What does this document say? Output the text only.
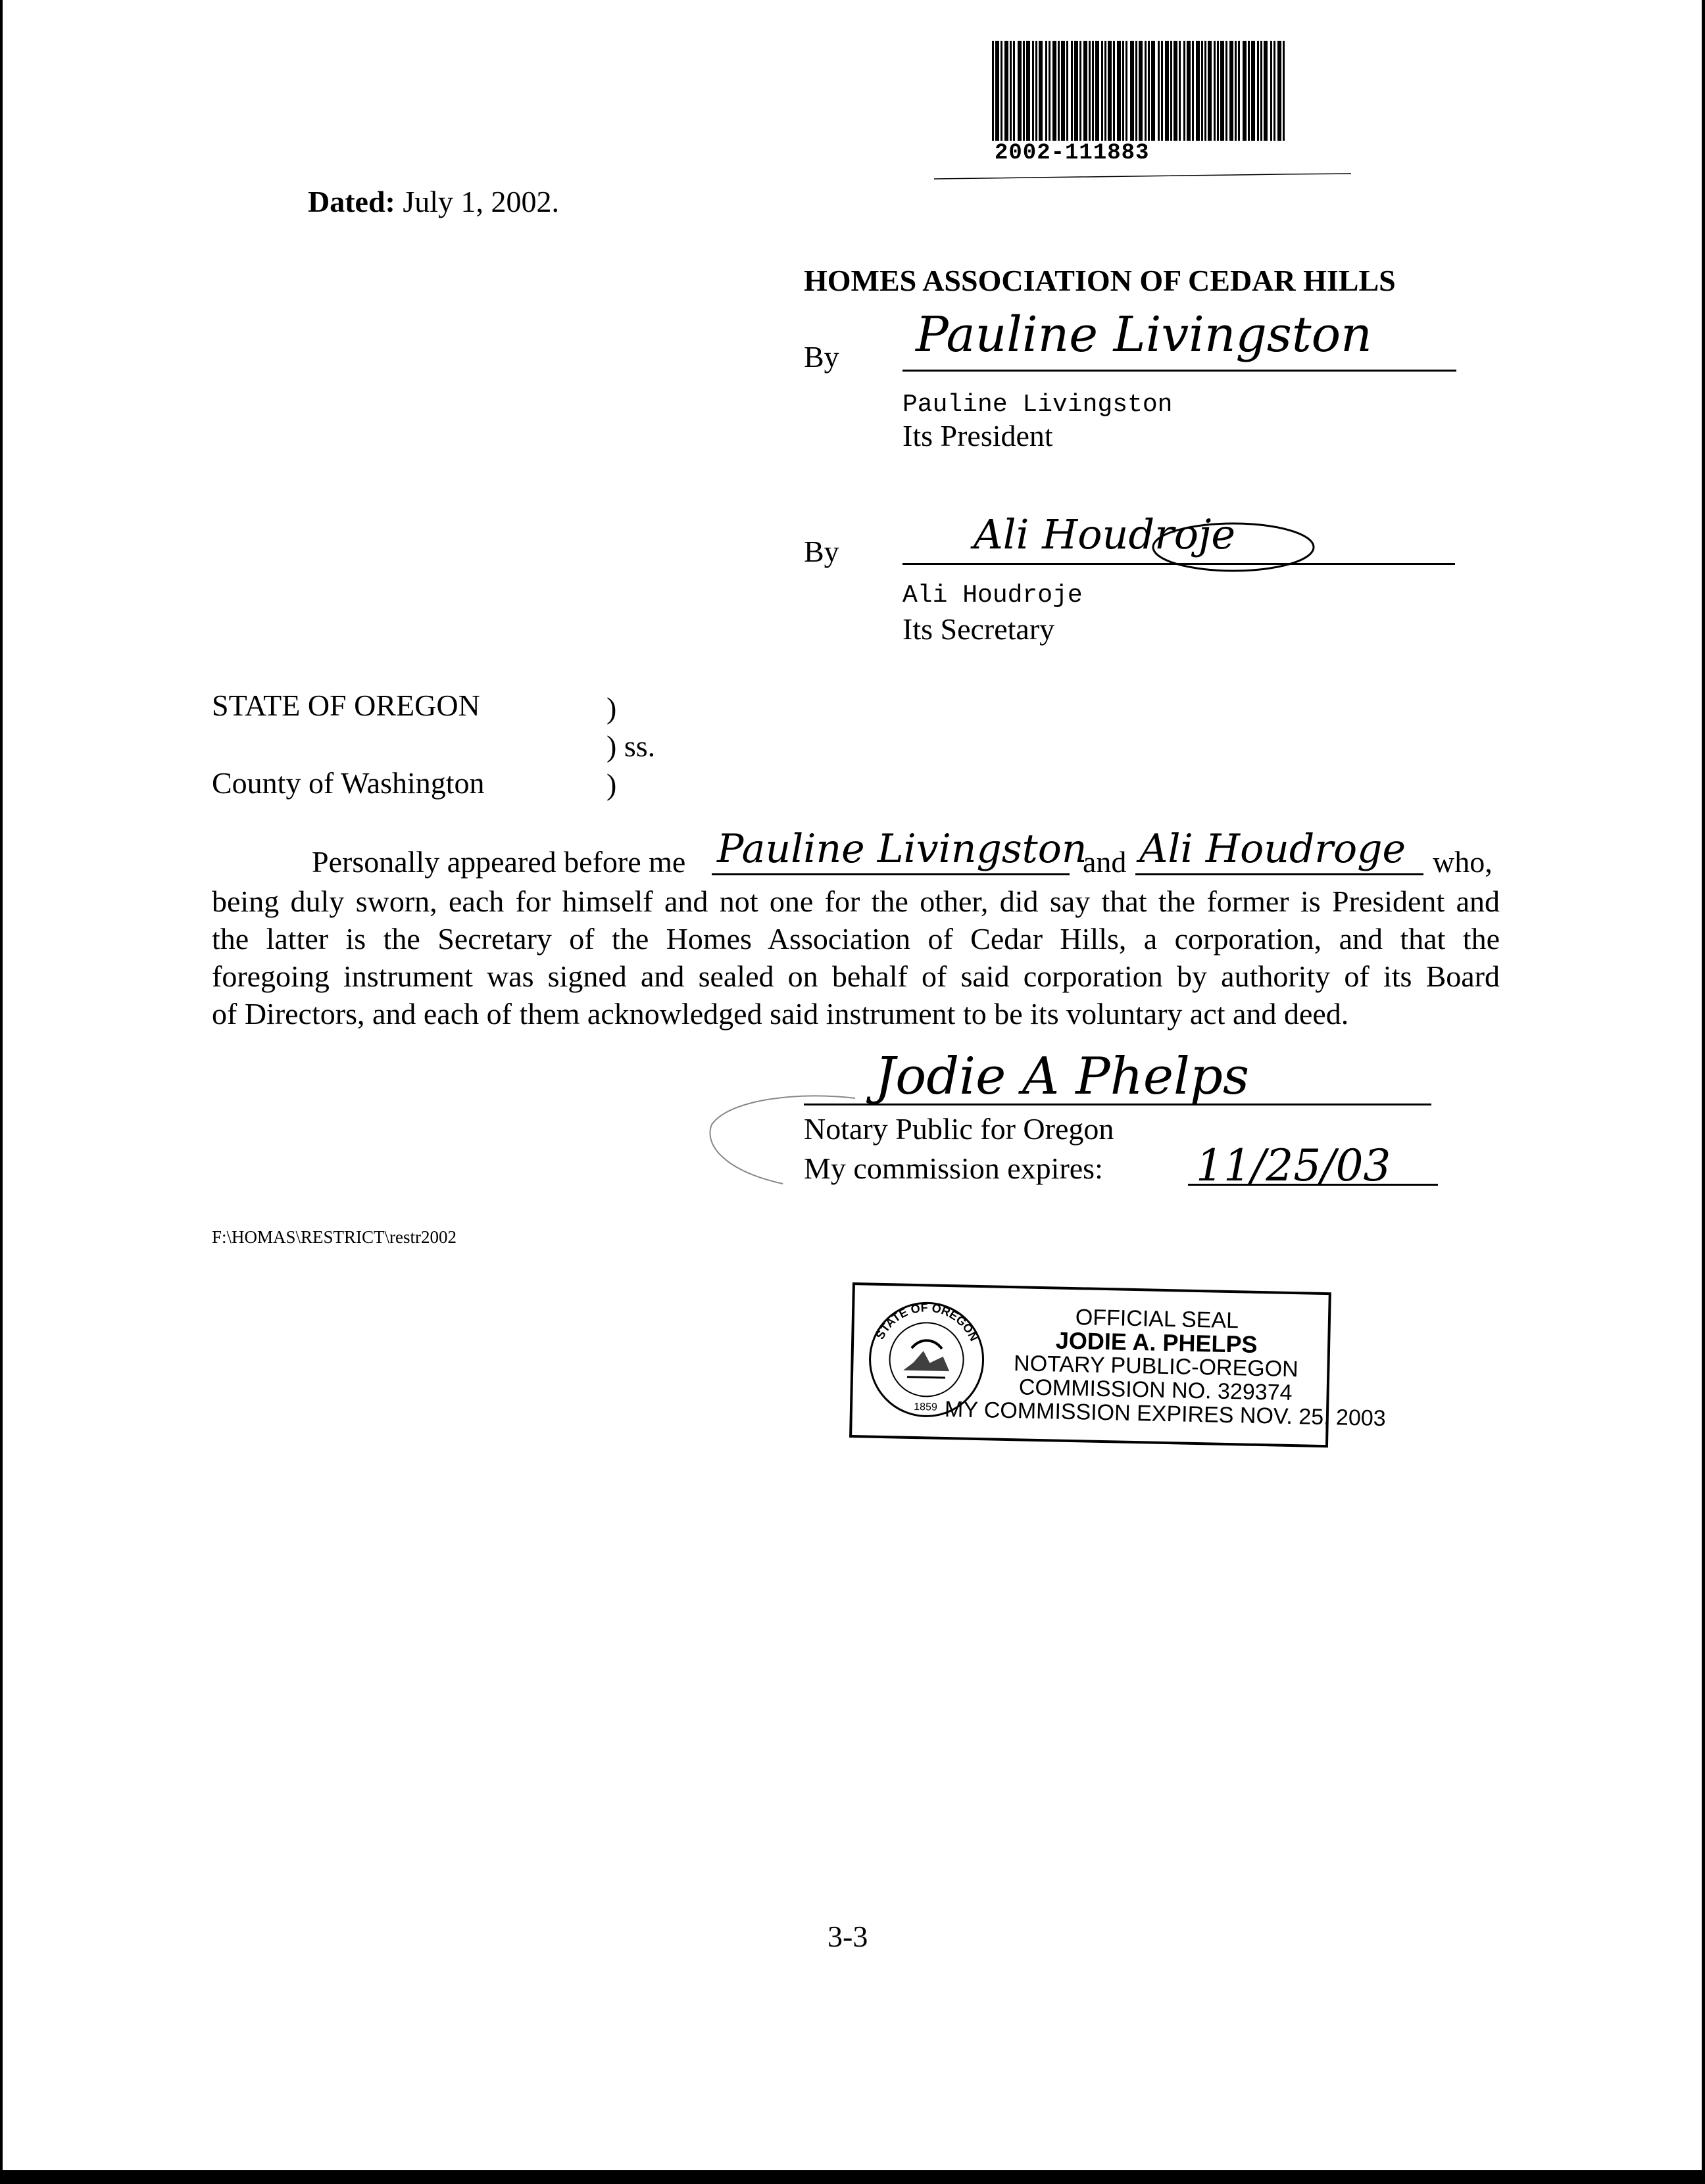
2002-111883
Dated: July 1, 2002.
HOMES ASSOCIATION OF CEDAR HILLS
By Pauline Livingston
Pauline Livingston
Its President
By	Ali Houdroje
Ali Houdroje
Its Secretary
STATE OF OREGON	)
) ss.
County of Washington	)
Personally appeared before me Pauline Livingston
and Ali Houdroge who,
being duly sworn, each for himself and not one for the other, did say that the former is President and
the latter is the Secretary of the Homes Association of Cedar Hills, a corporation, and that the
foregoing instrument was signed and sealed on behalf of said corporation by authority of its Board
of Directors, and each of them acknowledged said instrument to be its voluntary act and deed.
Jodie A Phelps
Notary Public for Oregon
My commission expires: 11/25/03
F:\HOMAS\RESTRICT\restr2002
STATE OF OREGON
1859
OFFICIAL SEAL
JODIE A. PHELPS
NOTARY PUBLIC-OREGON
COMMISSION NO. 329374
MY COMMISSION EXPIRES NOV. 25, 2003
3-3
